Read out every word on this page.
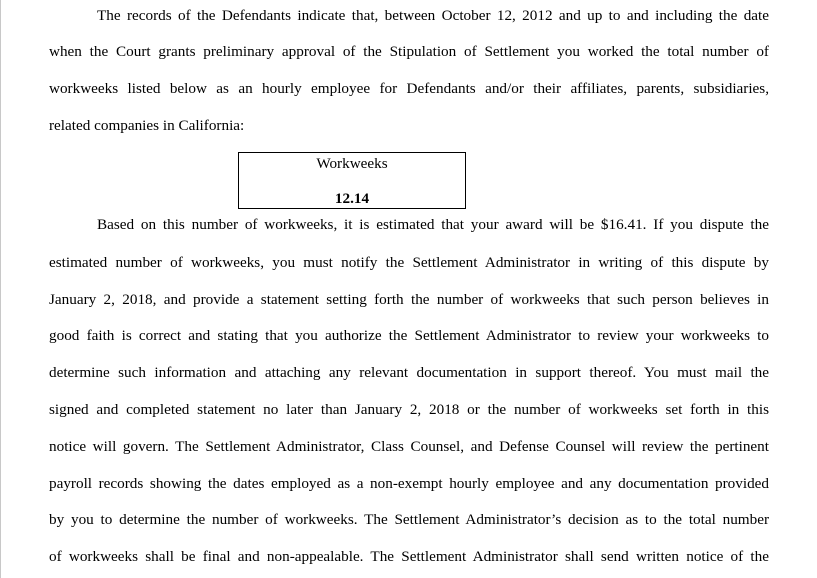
The records of the Defendants indicate that, between October 12, 2012 and up to and including the date
when the Court grants preliminary approval of the Stipulation of Settlement you worked the total number of
workweeks listed below as an hourly employee for Defendants and/or their affiliates, parents, subsidiaries,
related companies in California:
Workweeks
12.14
Based on this number of workweeks, it is estimated that your award will be $16.41. If you dispute the
estimated number of workweeks, you must notify the Settlement Administrator in writing of this dispute by
January 2, 2018, and provide a statement setting forth the number of workweeks that such person believes in
good faith is correct and stating that you authorize the Settlement Administrator to review your workweeks to
determine such information and attaching any relevant documentation in support thereof. You must mail the
signed and completed statement no later than January 2, 2018 or the number of workweeks set forth in this
notice will govern. The Settlement Administrator, Class Counsel, and Defense Counsel will review the pertinent
payroll records showing the dates employed as a non-exempt hourly employee and any documentation provided
by you to determine the number of workweeks. The Settlement Administrator’s decision as to the total number
of workweeks shall be final and non-appealable. The Settlement Administrator shall send written notice of the
